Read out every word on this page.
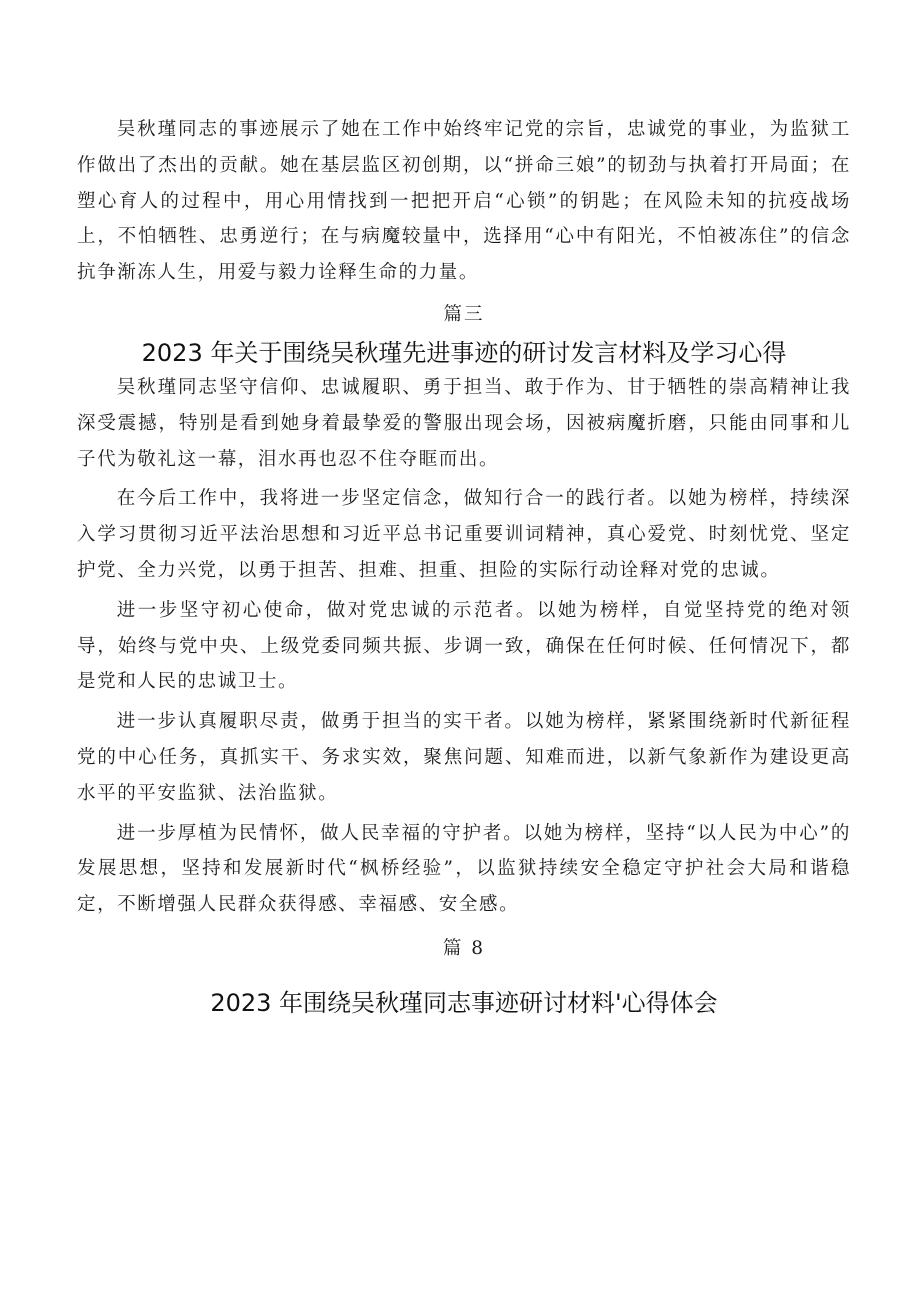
吴秋瑾同志的事迹展示了她在工作中始终牢记党的宗旨，忠诚党的事业，为监狱工作做出了杰出的贡献。她在基层监区初创期，以“拼命三娘”的韧劲与执着打开局面；在塑心育人的过程中，用心用情找到一把把开启“心锁”的钥匙；在风险未知的抗疫战场上，不怕牺牲、忠勇逆行；在与病魔较量中，选择用“心中有阳光，不怕被冻住”的信念抗争渐冻人生，用爱与毅力诠释生命的力量。

篇三

2023 年关于围绕吴秋瑾先进事迹的研讨发言材料及学习心得

吴秋瑾同志坚守信仰、忠诚履职、勇于担当、敢于作为、甘于牺牲的崇高精神让我深受震撼，特别是看到她身着最挚爱的警服出现会场，因被病魔折磨，只能由同事和儿子代为敬礼这一幕，泪水再也忍不住夺眶而出。

在今后工作中，我将进一步坚定信念，做知行合一的践行者。以她为榜样，持续深入学习贯彻习近平法治思想和习近平总书记重要训词精神，真心爱党、时刻忧党、坚定护党、全力兴党，以勇于担苦、担难、担重、担险的实际行动诠释对党的忠诚。

进一步坚守初心使命，做对党忠诚的示范者。以她为榜样，自觉坚持党的绝对领导，始终与党中央、上级党委同频共振、步调一致，确保在任何时候、任何情况下，都是党和人民的忠诚卫士。

进一步认真履职尽责，做勇于担当的实干者。以她为榜样，紧紧围绕新时代新征程党的中心任务，真抓实干、务求实效，聚焦问题、知难而进，以新气象新作为建设更高水平的平安监狱、法治监狱。

进一步厚植为民情怀，做人民幸福的守护者。以她为榜样，坚持“以人民为中心”的发展思想，坚持和发展新时代“枫桥经验”，以监狱持续安全稳定守护社会大局和谐稳定，不断增强人民群众获得感、幸福感、安全感。

篇 8

2023 年围绕吴秋瑾同志事迹研讨材料'心得体会
